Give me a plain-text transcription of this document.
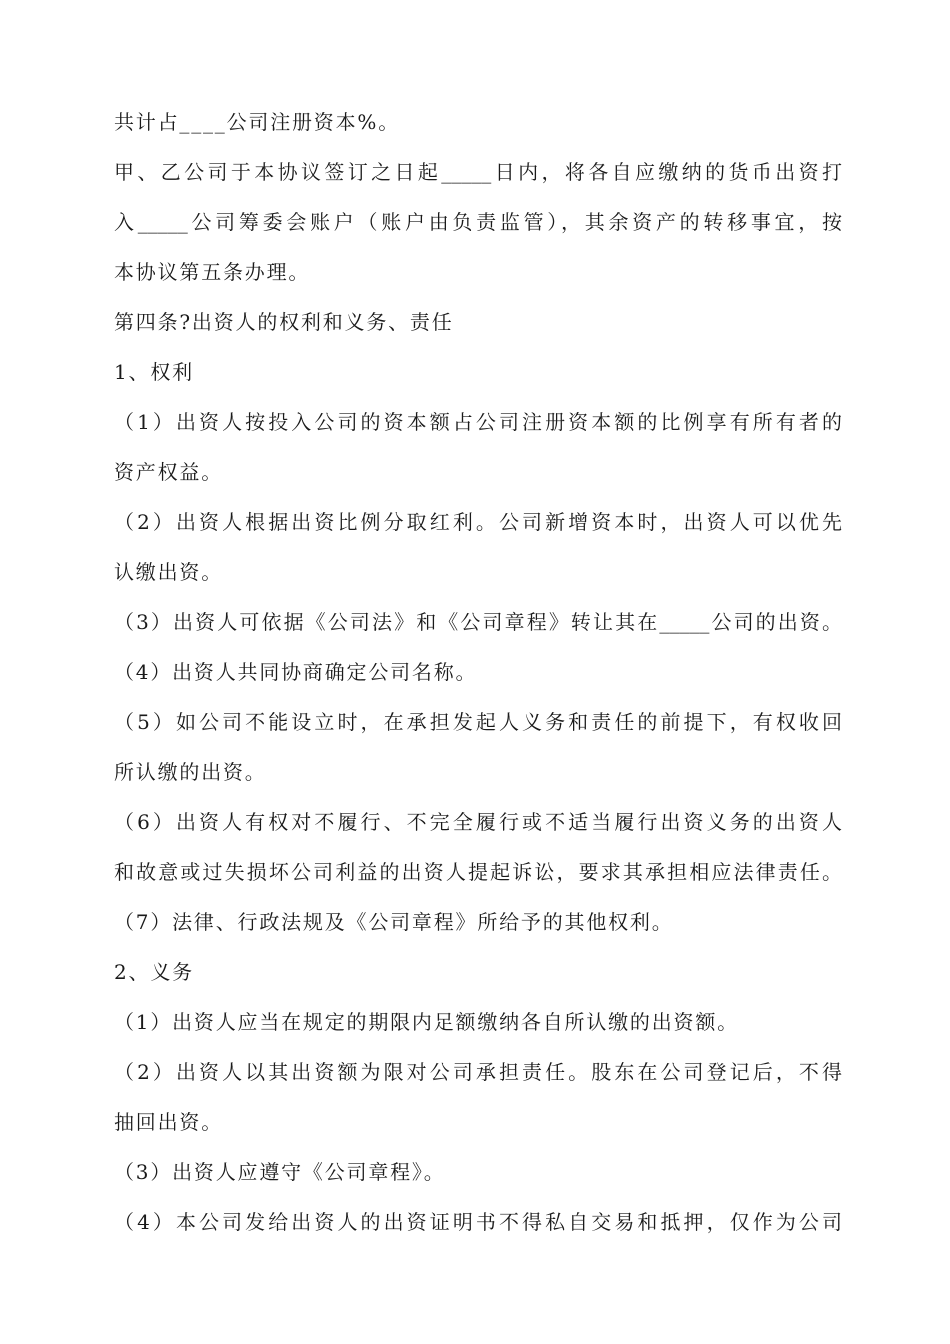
共计占____公司注册资本%。
甲、乙公司于本协议签订之日起_____日内，将各自应缴纳的货币出资打
入_____公司筹委会账户（账户由负责监管），其余资产的转移事宜，按
本协议第五条办理。
第四条?出资人的权利和义务、责任
1、权利
（1）出资人按投入公司的资本额占公司注册资本额的比例享有所有者的
资产权益。
（2）出资人根据出资比例分取红利。公司新增资本时，出资人可以优先
认缴出资。
（3）出资人可依据《公司法》和《公司章程》转让其在_____公司的出资。
（4）出资人共同协商确定公司名称。
（5）如公司不能设立时，在承担发起人义务和责任的前提下，有权收回
所认缴的出资。
（6）出资人有权对不履行、不完全履行或不适当履行出资义务的出资人
和故意或过失损坏公司利益的出资人提起诉讼，要求其承担相应法律责任。
（7）法律、行政法规及《公司章程》所给予的其他权利。
2、义务
（1）出资人应当在规定的期限内足额缴纳各自所认缴的出资额。
（2）出资人以其出资额为限对公司承担责任。股东在公司登记后，不得
抽回出资。
（3）出资人应遵守《公司章程》。
（4）本公司发给出资人的出资证明书不得私自交易和抵押，仅作为公司
